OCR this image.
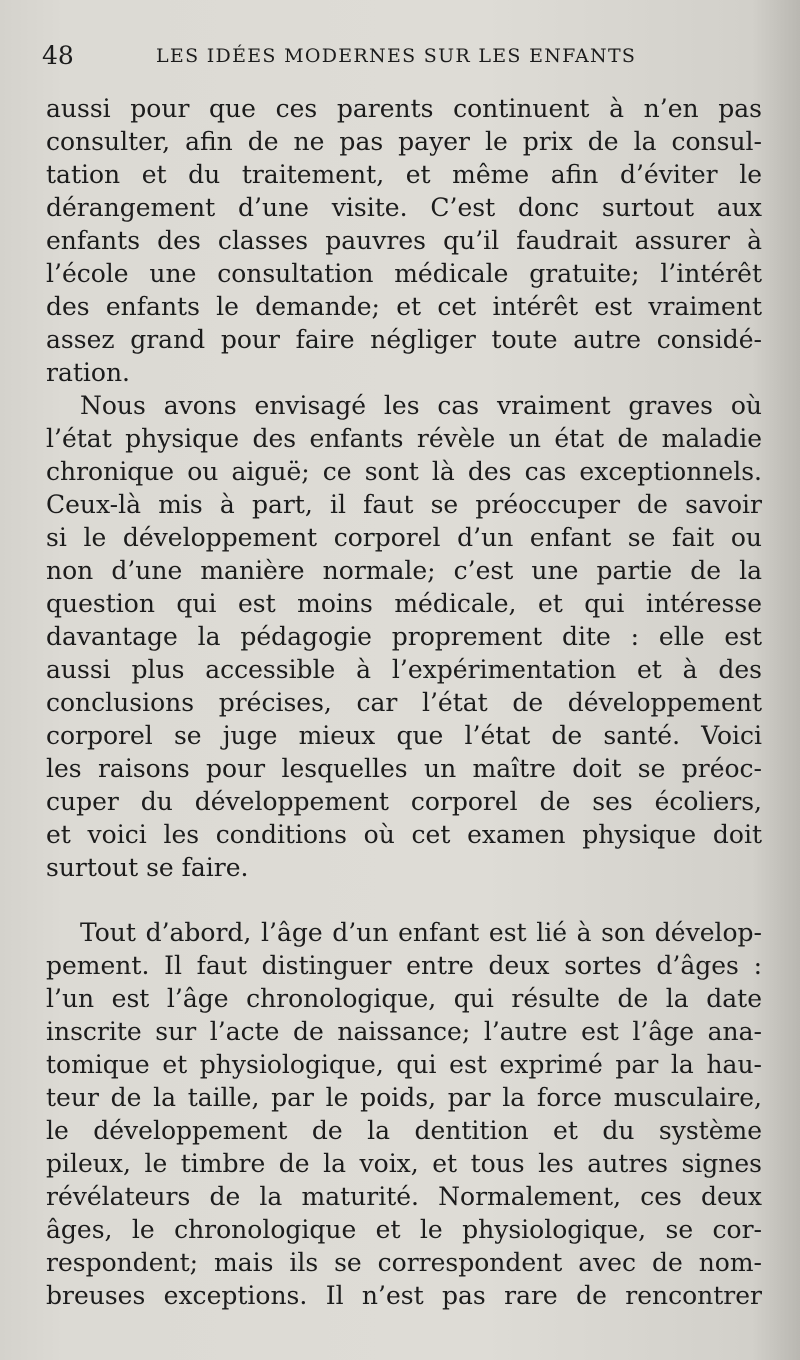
48	LES IDÉES MODERNES SUR LES ENFANTS

aussi pour que ces parents continuent à n’en pas
consulter, afin de ne pas payer le prix de la consul-
tation et du traitement, et même afin d’éviter le
dérangement d’une visite. C’est donc surtout aux
enfants des classes pauvres qu’il faudrait assurer à
l’école une consultation médicale gratuite; l’intérêt
des enfants le demande; et cet intérêt est vraiment
assez grand pour faire négliger toute autre considé-
ration.

Nous avons envisagé les cas vraiment graves où
l’état physique des enfants révèle un état de maladie
chronique ou aiguë; ce sont là des cas exceptionnels.
Ceux-là mis à part, il faut se préoccuper de savoir
si le développement corporel d’un enfant se fait ou
non d’une manière normale; c’est une partie de la
question qui est moins médicale, et qui intéresse
davantage la pédagogie proprement dite : elle est
aussi plus accessible à l’expérimentation et à des
conclusions précises, car l’état de développement
corporel se juge mieux que l’état de santé. Voici
les raisons pour lesquelles un maître doit se préoc-
cuper du développement corporel de ses écoliers,
et voici les conditions où cet examen physique doit
surtout se faire.

Tout d’abord, l’âge d’un enfant est lié à son dévelop-
pement. Il faut distinguer entre deux sortes d’âges :
l’un est l’âge chronologique, qui résulte de la date
inscrite sur l’acte de naissance; l’autre est l’âge ana-
tomique et physiologique, qui est exprimé par la hau-
teur de la taille, par le poids, par la force musculaire,
le développement de la dentition et du système
pileux, le timbre de la voix, et tous les autres signes
révélateurs de la maturité. Normalement, ces deux
âges, le chronologique et le physiologique, se cor-
respondent; mais ils se correspondent avec de nom-
breuses exceptions. Il n’est pas rare de rencontrer
